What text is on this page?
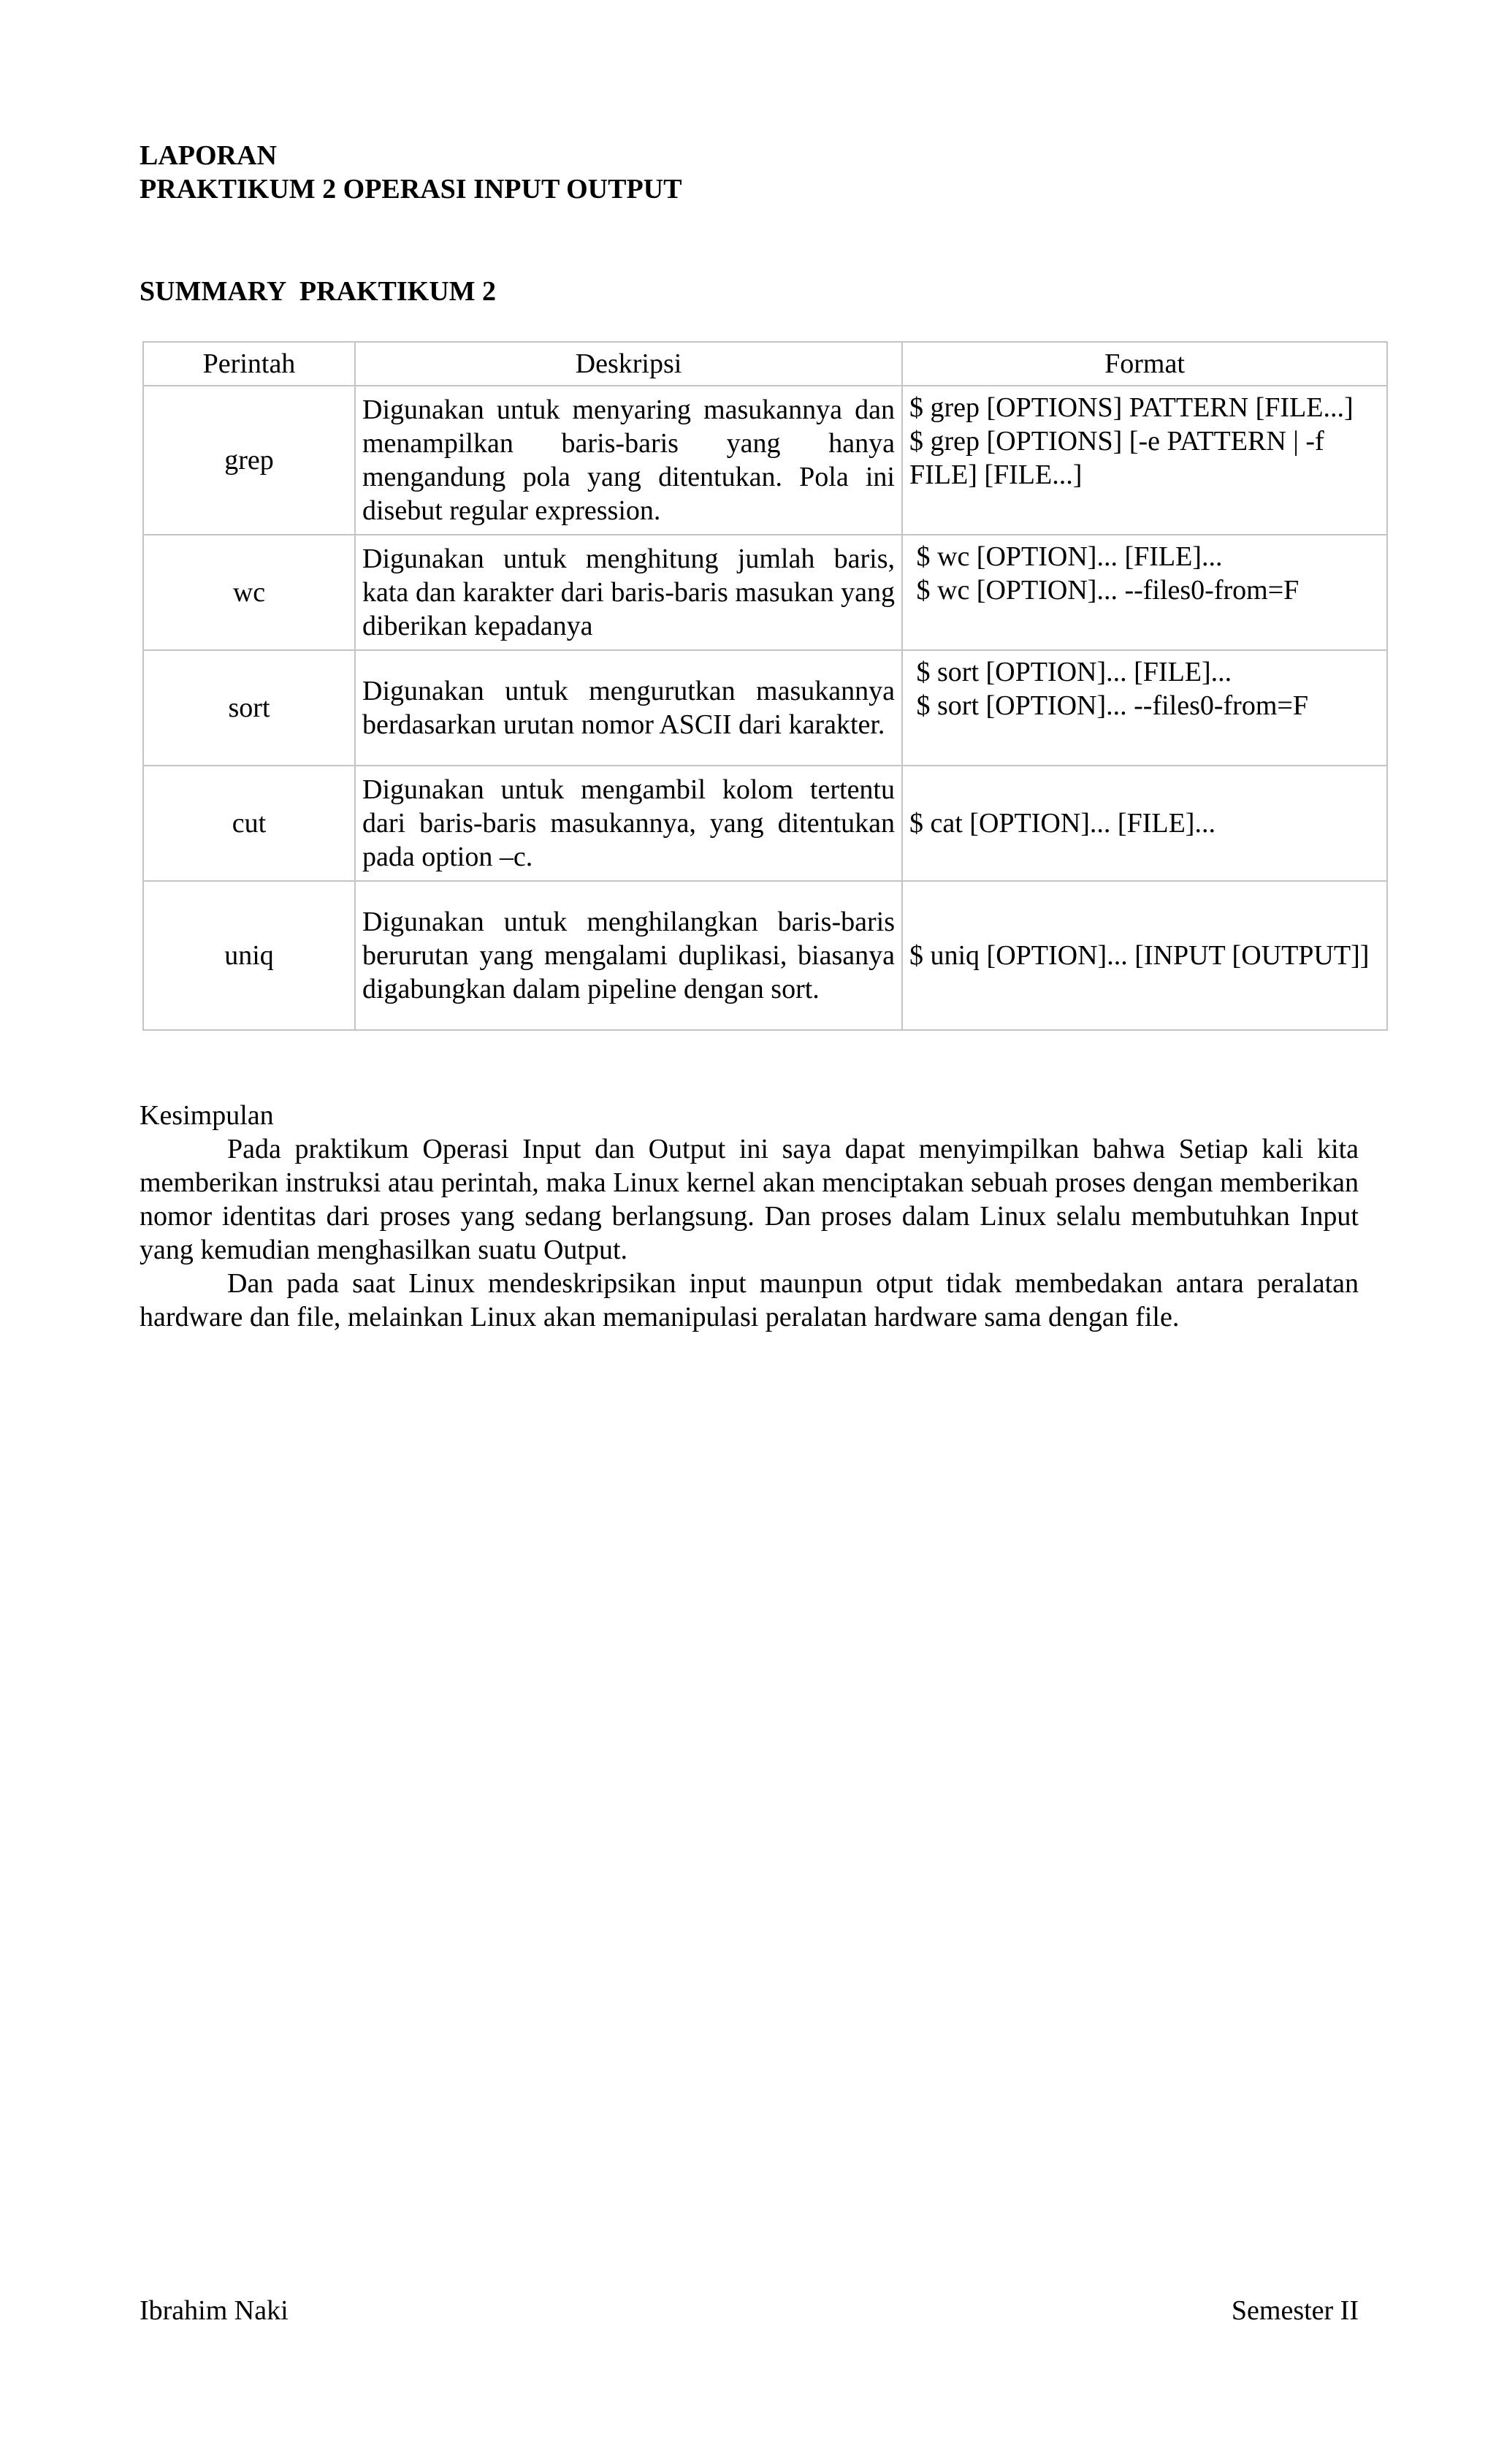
LAPORAN
PRAKTIKUM 2 OPERASI INPUT OUTPUT
SUMMARY  PRAKTIKUM 2
Perintah	Deskripsi	Format
grep	Digunakan untuk menyaring masukannya dan menampilkan baris-baris yang hanya mengandung pola yang ditentukan. Pola ini disebut regular expression.	$ grep [OPTIONS] PATTERN [FILE...]
$ grep [OPTIONS] [-e PATTERN | -f FILE] [FILE...]

wc	Digunakan untuk menghitung jumlah baris, kata dan karakter dari baris-baris masukan yang diberikan kepadanya	$ wc [OPTION]... [FILE]...
$ wc [OPTION]... --files0-from=F

sort	Digunakan untuk mengurutkan masukannya berdasarkan urutan nomor ASCII dari karakter.	$ sort [OPTION]... [FILE]...
$ sort [OPTION]... --files0-from=F

cut	Digunakan untuk mengambil kolom tertentu dari baris-baris masukannya, yang ditentukan pada option –c.	$ cat [OPTION]... [FILE]...

uniq	Digunakan untuk menghilangkan baris-baris berurutan yang mengalami duplikasi, biasanya digabungkan dalam pipeline dengan sort.	$ uniq [OPTION]... [INPUT [OUTPUT]]

Kesimpulan

Pada praktikum Operasi Input dan Output ini saya dapat menyimpilkan bahwa Setiap kali kita memberikan instruksi atau perintah, maka Linux kernel akan menciptakan sebuah proses dengan memberikan nomor identitas dari proses yang sedang berlangsung. Dan proses dalam Linux selalu membutuhkan Input yang kemudian menghasilkan suatu Output.

Dan pada saat Linux mendeskripsikan input maunpun otput tidak membedakan antara peralatan hardware dan file, melainkan Linux akan memanipulasi peralatan hardware sama dengan file.

Ibrahim Naki	Semester II
